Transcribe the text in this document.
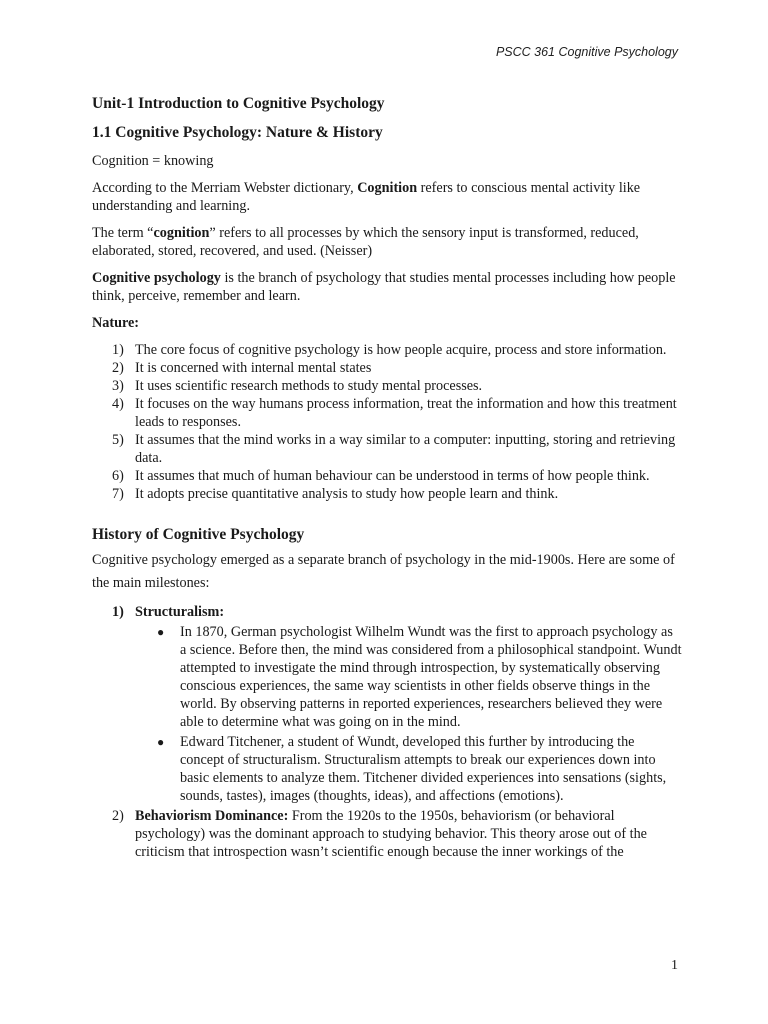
PSCC 361 Cognitive Psychology
Unit-1 Introduction to Cognitive Psychology
1.1 Cognitive Psychology: Nature & History

Cognition = knowing

According to the Merriam Webster dictionary, Cognition refers to conscious mental activity like understanding and learning.

The term “cognition” refers to all processes by which the sensory input is transformed, reduced, elaborated, stored, recovered, and used. (Neisser)

Cognitive psychology is the branch of psychology that studies mental processes including how people think, perceive, remember and learn.

Nature:
1) The core focus of cognitive psychology is how people acquire, process and store information.
2) It is concerned with internal mental states
3) It uses scientific research methods to study mental processes.
4) It focuses on the way humans process information, treat the information and how this treatment leads to responses.
5) It assumes that the mind works in a way similar to a computer: inputting, storing and retrieving data.
6) It assumes that much of human behaviour can be understood in terms of how people think.
7) It adopts precise quantitative analysis to study how people learn and think.
History of Cognitive Psychology

Cognitive psychology emerged as a separate branch of psychology in the mid-1900s. Here are some of the main milestones:

1) Structuralism:
● In 1870, German psychologist Wilhelm Wundt was the first to approach psychology as a science. Before then, the mind was considered from a philosophical standpoint. Wundt attempted to investigate the mind through introspection, by systematically observing conscious experiences, the same way scientists in other fields observe things in the world. By observing patterns in reported experiences, researchers believed they were able to determine what was going on in the mind.
● Edward Titchener, a student of Wundt, developed this further by introducing the concept of structuralism. Structuralism attempts to break our experiences down into basic elements to analyze them. Titchener divided experiences into sensations (sights, sounds, tastes), images (thoughts, ideas), and affections (emotions).
2) Behaviorism Dominance: From the 1920s to the 1950s, behaviorism (or behavioral psychology) was the dominant approach to studying behavior. This theory arose out of the criticism that introspection wasn’t scientific enough because the inner workings of the
1
